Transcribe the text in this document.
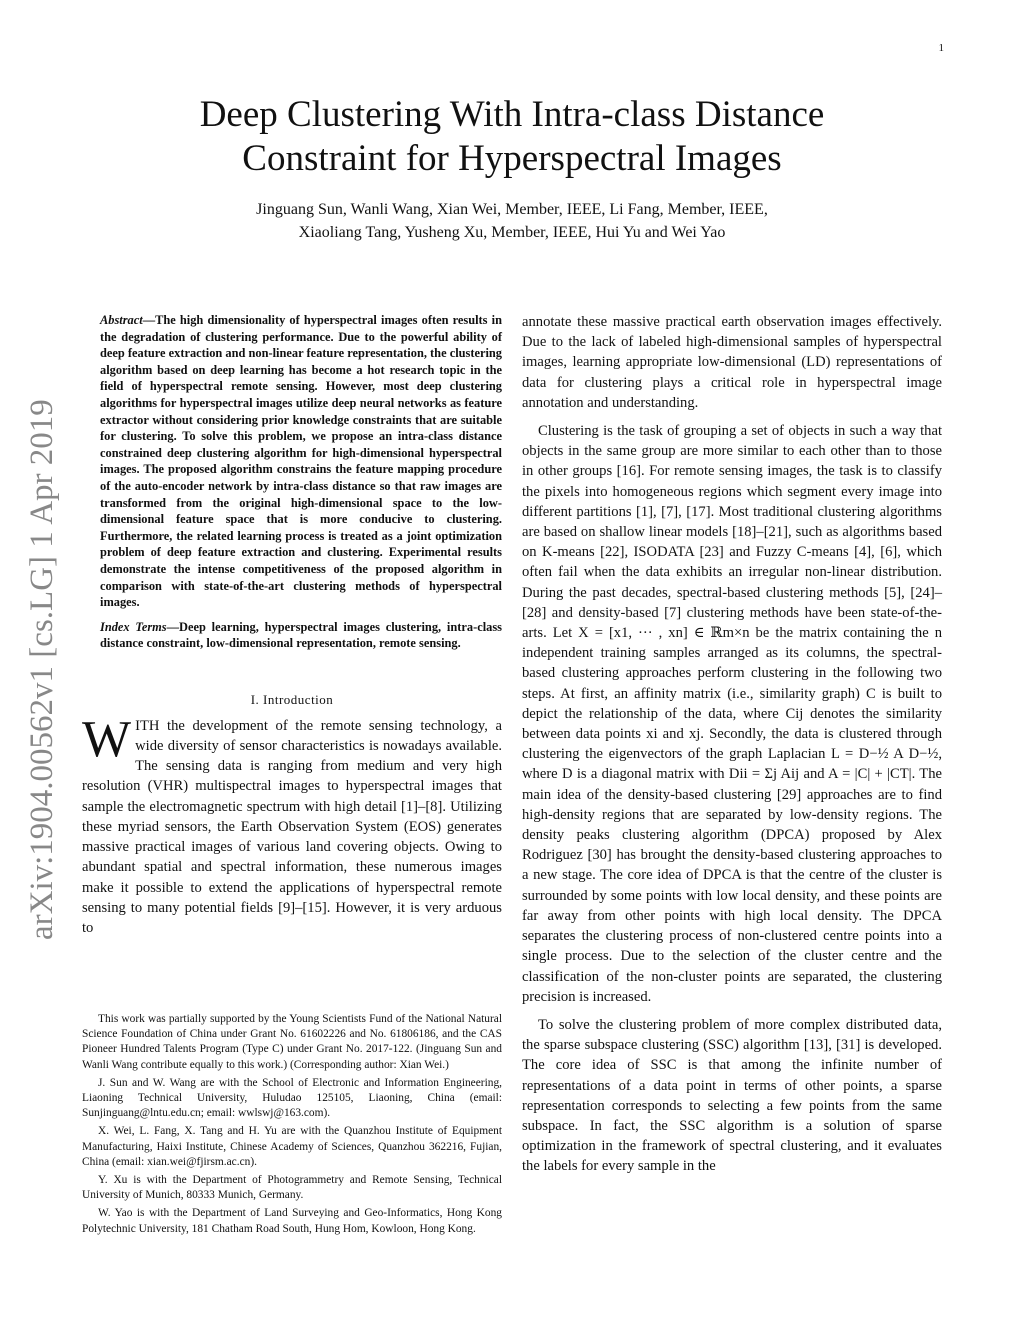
1
arXiv:1904.00562v1 [cs.LG] 1 Apr 2019
Deep Clustering With Intra-class Distance
Constraint for Hyperspectral Images
Jinguang Sun, Wanli Wang, Xian Wei, Member, IEEE, Li Fang, Member, IEEE,
Xiaoliang Tang, Yusheng Xu, Member, IEEE, Hui Yu and Wei Yao

Abstract—The high dimensionality of hyperspectral images often results in the degradation of clustering performance. Due to the powerful ability of deep feature extraction and non-linear feature representation, the clustering algorithm based on deep learning has become a hot research topic in the field of hyperspectral remote sensing. However, most deep clustering algorithms for hyperspectral images utilize deep neural networks as feature extractor without considering prior knowledge constraints that are suitable for clustering. To solve this problem, we propose an intra-class distance constrained deep clustering algorithm for high-dimensional hyperspectral images. The proposed algorithm constrains the feature mapping procedure of the auto-encoder network by intra-class distance so that raw images are transformed from the original high-dimensional space to the low-dimensional feature space that is more conducive to clustering. Furthermore, the related learning process is treated as a joint optimization problem of deep feature extraction and clustering. Experimental results demonstrate the intense competitiveness of the proposed algorithm in comparison with state-of-the-art clustering methods of hyperspectral images.

Index Terms—Deep learning, hyperspectral images clustering, intra-class distance constraint, low-dimensional representation, remote sensing.

I. Introduction

WITH the development of the remote sensing technology, a wide diversity of sensor characteristics is nowadays available. The sensing data is ranging from medium and very high resolution (VHR) multispectral images to hyperspectral images that sample the electromagnetic spectrum with high detail [1]–[8]. Utilizing these myriad sensors, the Earth Observation System (EOS) generates massive practical images of various land covering objects. Owing to abundant spatial and spectral information, these numerous images make it possible to extend the applications of hyperspectral remote sensing to many potential fields [9]–[15]. However, it is very arduous to

This work was partially supported by the Young Scientists Fund of the National Natural Science Foundation of China under Grant No. 61602226 and No. 61806186, and the CAS Pioneer Hundred Talents Program (Type C) under Grant No. 2017-122. (Jinguang Sun and Wanli Wang contribute equally to this work.) (Corresponding author: Xian Wei.)

J. Sun and W. Wang are with the School of Electronic and Information Engineering, Liaoning Technical University, Huludao 125105, Liaoning, China (email: Sunjinguang@lntu.edu.cn; email: wwlswj@163.com).

X. Wei, L. Fang, X. Tang and H. Yu are with the Quanzhou Institute of Equipment Manufacturing, Haixi Institute, Chinese Academy of Sciences, Quanzhou 362216, Fujian, China (email: xian.wei@fjirsm.ac.cn).

Y. Xu is with the Department of Photogrammetry and Remote Sensing, Technical University of Munich, 80333 Munich, Germany.

W. Yao is with the Department of Land Surveying and Geo-Informatics, Hong Kong Polytechnic University, 181 Chatham Road South, Hung Hom, Kowloon, Hong Kong.

annotate these massive practical earth observation images effectively. Due to the lack of labeled high-dimensional samples of hyperspectral images, learning appropriate low-dimensional (LD) representations of data for clustering plays a critical role in hyperspectral image annotation and understanding.

Clustering is the task of grouping a set of objects in such a way that objects in the same group are more similar to each other than to those in other groups [16]. For remote sensing images, the task is to classify the pixels into homogeneous regions which segment every image into different partitions [1], [7], [17]. Most traditional clustering algorithms are based on shallow linear models [18]–[21], such as algorithms based on K-means [22], ISODATA [23] and Fuzzy C-means [4], [6], which often fail when the data exhibits an irregular non-linear distribution. During the past decades, spectral-based clustering methods [5], [24]–[28] and density-based [7] clustering methods have been state-of-the-arts. Let X = [x1, ··· , xn] ∈ ℝm×n be the matrix containing the n independent training samples arranged as its columns, the spectral-based clustering approaches perform clustering in the following two steps. At first, an affinity matrix (i.e., similarity graph) C is built to depict the relationship of the data, where Cij denotes the similarity between data points xi and xj. Secondly, the data is clustered through clustering the eigenvectors of the graph Laplacian L = D−½ A D−½, where D is a diagonal matrix with Dii = Σj Aij and A = |C| + |CT|. The main idea of the density-based clustering [29] approaches are to find high-density regions that are separated by low-density regions. The density peaks clustering algorithm (DPCA) proposed by Alex Rodriguez [30] has brought the density-based clustering approaches to a new stage. The core idea of DPCA is that the centre of the cluster is surrounded by some points with low local density, and these points are far away from other points with high local density. The DPCA separates the clustering process of non-clustered centre points into a single process. Due to the selection of the cluster centre and the classification of the non-cluster points are separated, the clustering precision is increased.

To solve the clustering problem of more complex distributed data, the sparse subspace clustering (SSC) algorithm [13], [31] is developed. The core idea of SSC is that among the infinite number of representations of a data point in terms of other points, a sparse representation corresponds to selecting a few points from the same subspace. In fact, the SSC algorithm is a solution of sparse optimization in the framework of spectral clustering, and it evaluates the labels for every sample in the
